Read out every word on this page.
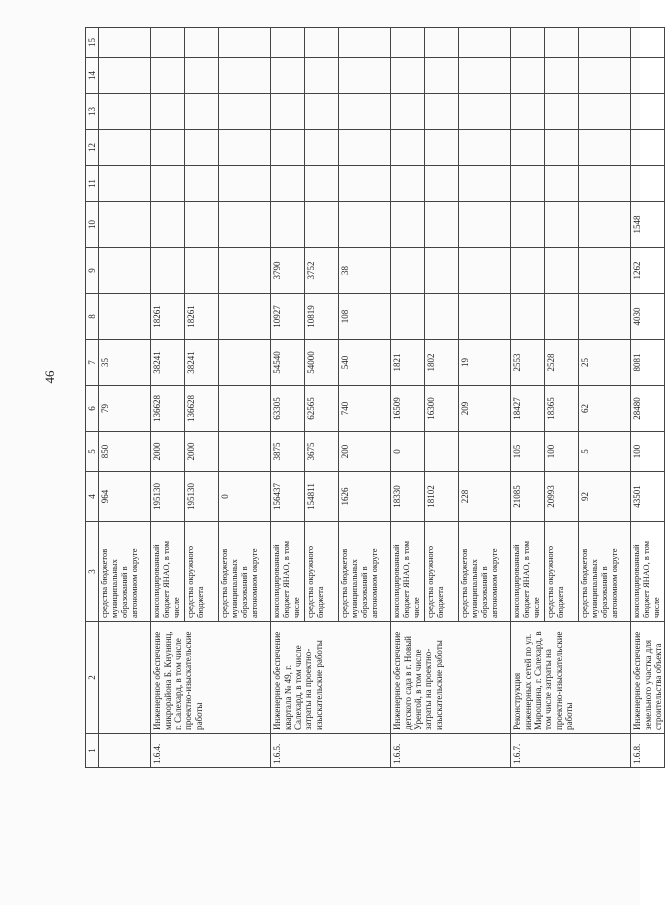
46
1	2	3	4	5	6	7	8	9	10	11	12	13	14	15
		средства бюджетов муниципальных образований в автономном округе	964	850	79	35								
1.6.4.	Инженерное обеспечение микрорайона Б. Кнунянц, г. Салехард, в том числе проектно-изыскательские работы	консолидированный бюджет ЯНАО, в том числе	195130	2000	136628	38241	18261							
		средства окружного бюджета	195130	2000	136628	38241	18261							
		средства бюджетов муниципальных образований в автономном округе	0											
1.6.5.	Инженерное обеспечение квартала № 49, г. Салехард, в том числе затраты на проектно-изыскательские работы	консолидированный бюджет ЯНАО, в том числе	156437	3875	63305	54540	10927	3790						
		средства окружного бюджета	154811	3675	62565	54000	10819	3752						
		средства бюджетов муниципальных образований в автономном округе	1626	200	740	540	108	38						
1.6.6.	Инженерное обеспечение детского сада в г. Новый Уренгой, в том числе затраты на проектно-изыскательские работы	консолидированный бюджет ЯНАО, в том числе	18330	0	16509	1821								
		средства окружного бюджета	18102		16300	1802								
		средства бюджетов муниципальных образований в автономном округе	228		209	19								
1.6.7.	Реконструкция инженерных сетей по ул. Мирошина, г. Салехард, в том числе затраты на проектно-изыскательские работы	консолидированный бюджет ЯНАО, в том числе	21085	105	18427	2553								
		средства окружного бюджета	20993	100	18365	2528								
		средства бюджетов муниципальных образований в автономном округе	92	5	62	25								
1.6.8.	Инженерное обеспечение земельного участка для строительства объекта	консолидированный бюджет ЯНАО, в том числе	43501	100	28480	8081	4030	1262	1548					
